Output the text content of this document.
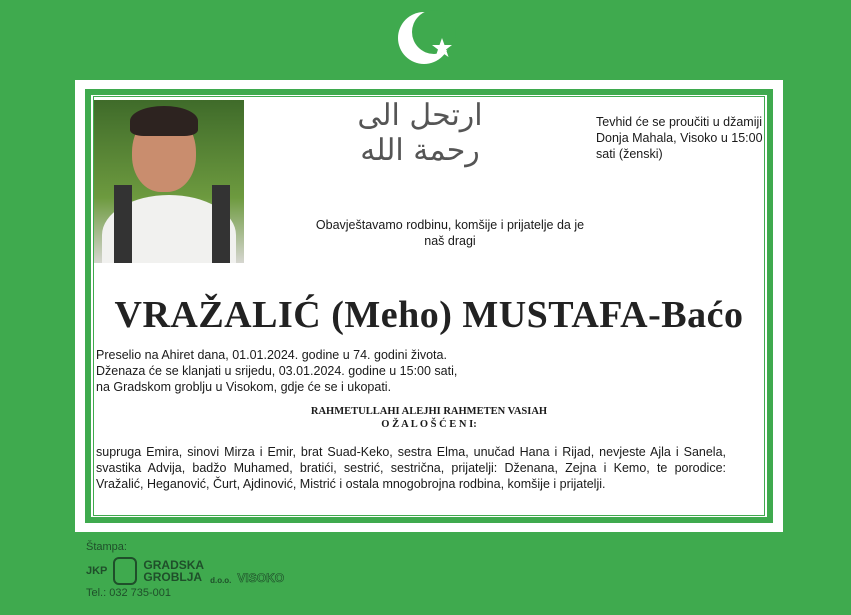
ارتحل الى رحمة الله
Tevhid će se proučiti u džamiji Donja Mahala, Visoko u 15:00 sati (ženski)
Obavještavamo rodbinu, komšije i prijatelje da je naš dragi
VRAŽALIĆ (Meho) MUSTAFA-Baćo
Preselio na Ahiret dana, 01.01.2024. godine u 74. godini života.
Dženaza će se klanjati u srijedu, 03.01.2024. godine u 15:00 sati,
na Gradskom groblju u Visokom, gdje će se i ukopati.
RAHMETULLAHI ALEJHI RAHMETEN VASIAH
O Ž A L O Š Ć E N I:
supruga Emira, sinovi Mirza i Emir, brat Suad-Keko, sestra Elma, unučad Hana i Rijad, nevjeste Ajla i Sanela, svastika Advija, badžo Muhamed, bratići, sestrić, sestrična, prijatelji: Dženana, Zejna i Kemo, te porodice: Vražalić, Heganović, Čurt, Ajdinović, Mistrić i ostala mnogobrojna rodbina, komšije i prijatelji.
Štampa:
JKP	GRADSKA
GROBLJA d.o.o. VISOKO
Tel.: 032 735-001
